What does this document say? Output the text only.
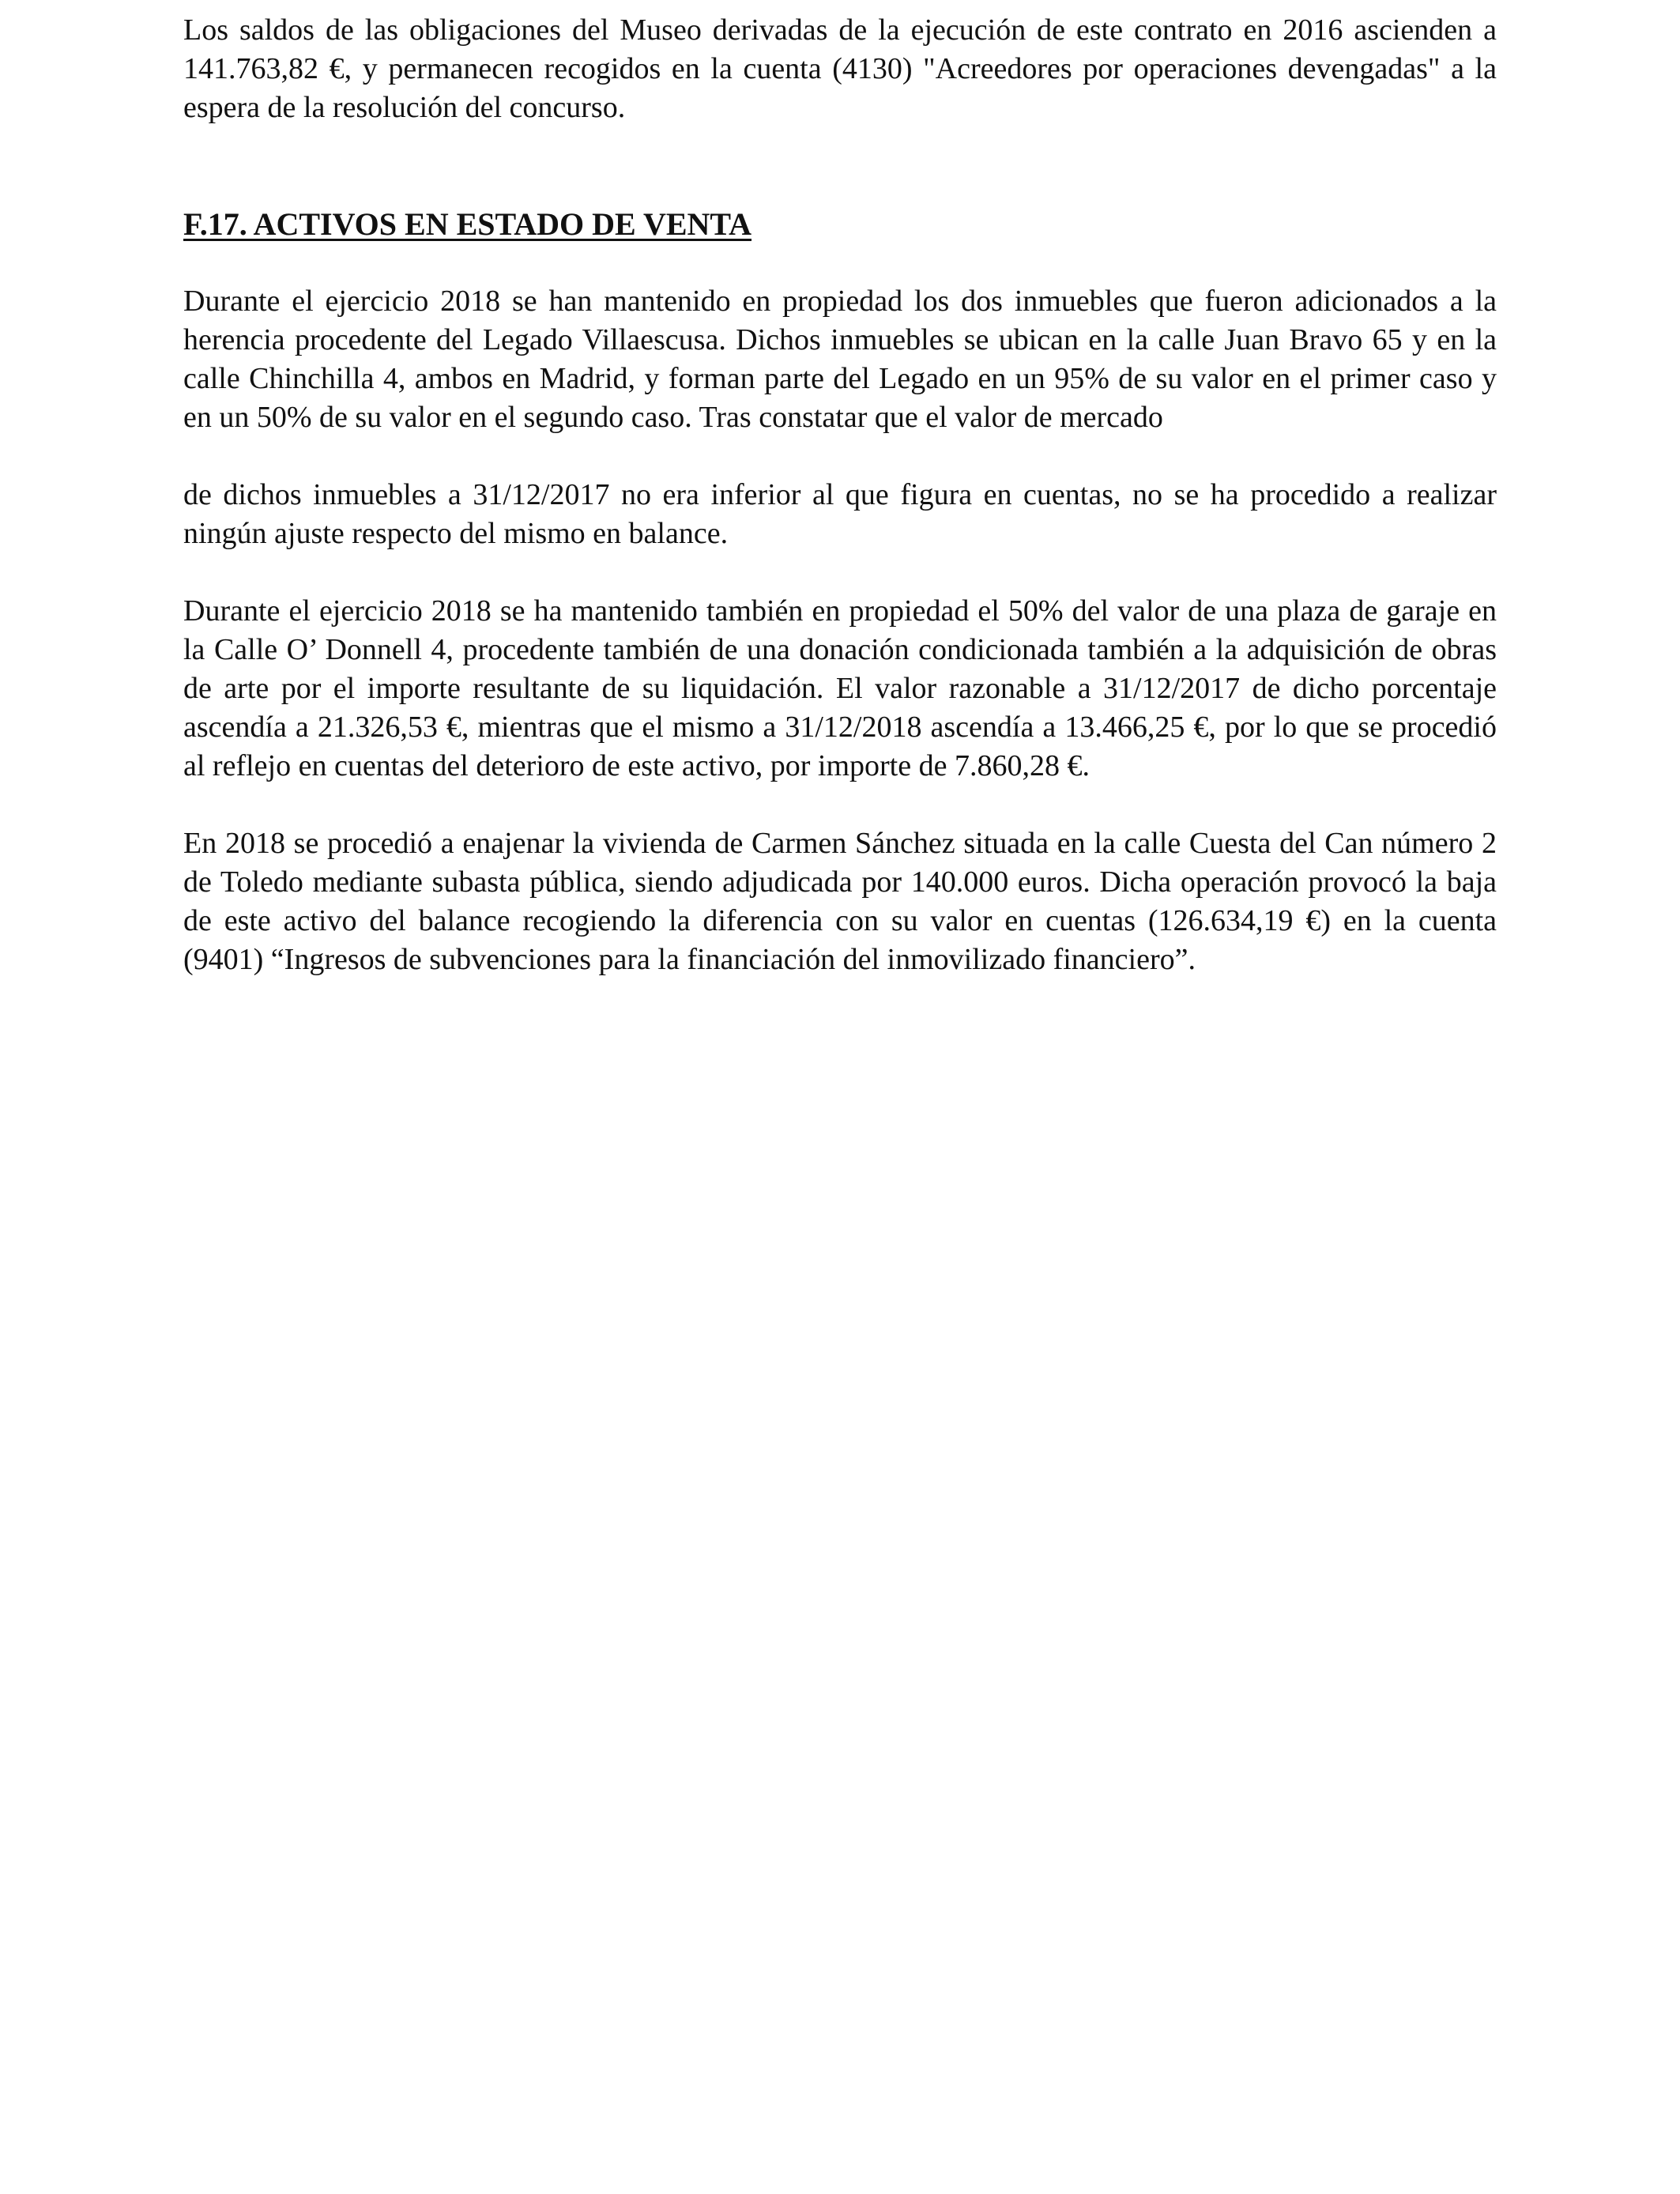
Los saldos de las obligaciones del Museo derivadas de la ejecución de este contrato en 2016 ascienden a 141.763,82 €, y permanecen recogidos en la cuenta (4130) "Acreedores por operaciones devengadas" a la espera de la resolución del concurso.

F.17. ACTIVOS EN ESTADO DE VENTA

Durante el ejercicio 2018 se han mantenido en propiedad los dos inmuebles que fueron adicionados a la herencia procedente del Legado Villaescusa. Dichos inmuebles se ubican en la calle Juan Bravo 65 y en la calle Chinchilla 4, ambos en Madrid, y forman parte del Legado en un 95% de su valor en el primer caso y en un 50% de su valor en el segundo caso. Tras constatar que el valor de mercado

de dichos inmuebles a 31/12/2017 no era inferior al que figura en cuentas, no se ha procedido a realizar ningún ajuste respecto del mismo en balance.

Durante el ejercicio 2018 se ha mantenido también en propiedad el 50% del valor de una plaza de garaje en la Calle O’ Donnell 4, procedente también de una donación condicionada también a la adquisición de obras de arte por el importe resultante de su liquidación. El valor razonable a 31/12/2017 de dicho porcentaje ascendía a 21.326,53 €, mientras que el mismo a 31/12/2018 ascendía a 13.466,25 €, por lo que se procedió al reflejo en cuentas del deterioro de este activo, por importe de 7.860,28 €.

En 2018 se procedió a enajenar la vivienda de Carmen Sánchez situada en la calle Cuesta del Can número 2 de Toledo mediante subasta pública, siendo adjudicada por 140.000 euros. Dicha operación provocó la baja de este activo del balance recogiendo la diferencia con su valor en cuentas (126.634,19 €) en la cuenta (9401) “Ingresos de subvenciones para la financiación del inmovilizado financiero”.
